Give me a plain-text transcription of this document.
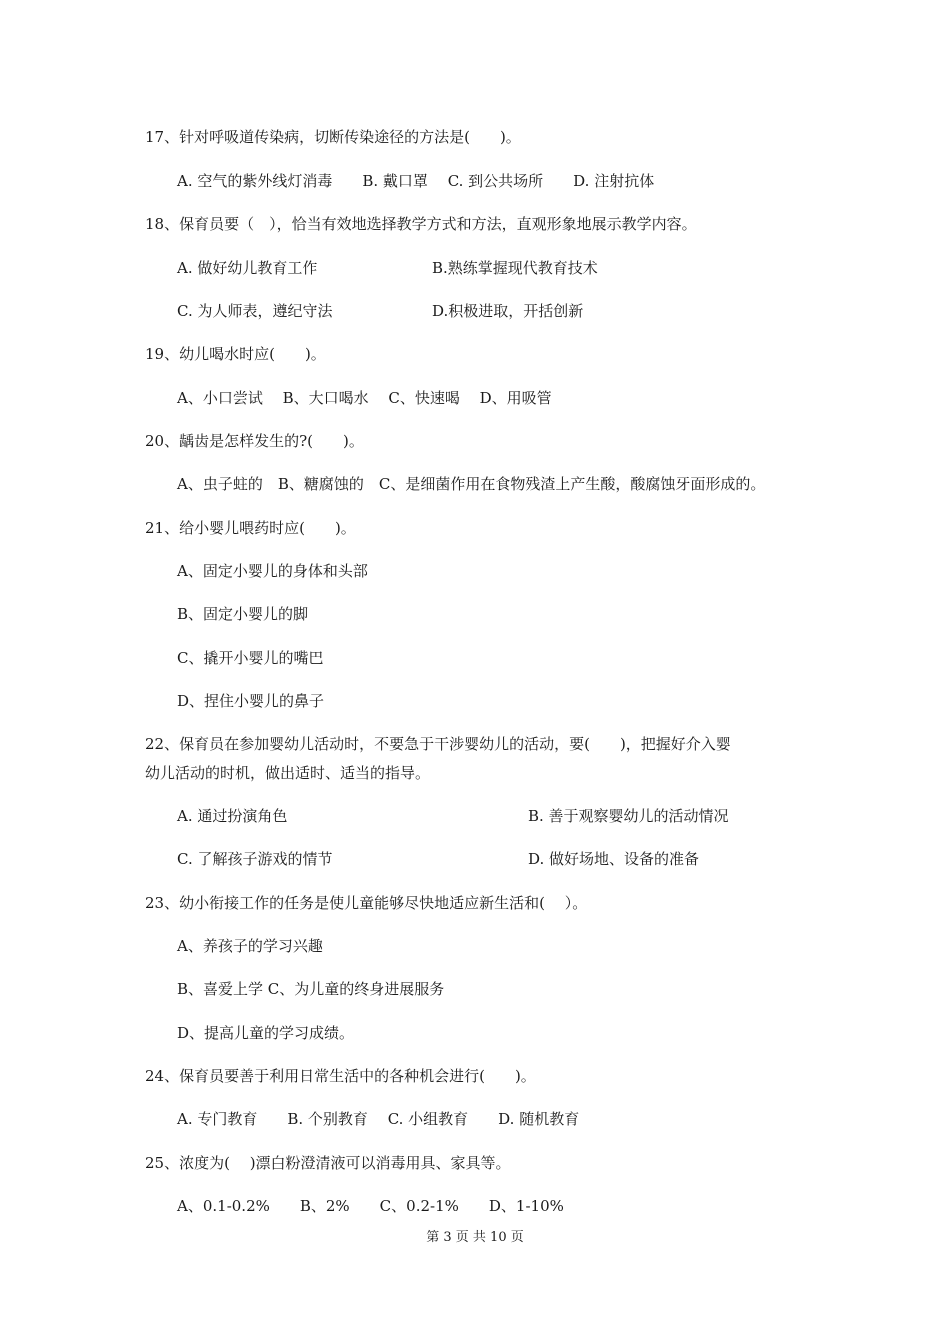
17、针对呼吸道传染病，切断传染途径的方法是(　　)。
A. 空气的紫外线灯消毒　　B. 戴口罩　 C. 到公共场所　　D. 注射抗体
18、保育员要（　），恰当有效地选择教学方式和方法，直观形象地展示教学内容。
A. 做好幼儿教育工作	B.熟练掌握现代教育技术
C. 为人师表，遵纪守法	D.积极进取，开括创新
19、幼儿喝水时应(　　)。
A、小口尝试　 B、大口喝水　 C、快速喝　 D、用吸管
20、龋齿是怎样发生的?(　　)。
A、虫子蛀的　B、糖腐蚀的　C、是细菌作用在食物残渣上产生酸，酸腐蚀牙面形成的。
21、给小婴儿喂药时应(　　)。
A、固定小婴儿的身体和头部
B、固定小婴儿的脚
C、撬开小婴儿的嘴巴
D、捏住小婴儿的鼻子
22、保育员在参加婴幼儿活动时，不要急于干涉婴幼儿的活动，要(　　)，把握好介入婴
幼儿活动的时机，做出适时、适当的指导。
A. 通过扮演角色	B. 善于观察婴幼儿的活动情况
C. 了解孩子游戏的情节	D. 做好场地、设备的准备
23、幼小衔接工作的任务是使儿童能够尽快地适应新生活和(　 ）。
A、养孩子的学习兴趣
B、喜爱上学 C、为儿童的终身进展服务
D、提高儿童的学习成绩。
24、保育员要善于利用日常生活中的各种机会进行(　　)。
A. 专门教育　　B. 个别教育　 C. 小组教育　　D. 随机教育
25、浓度为(　 )漂白粉澄清液可以消毒用具、家具等。
A、0.1-0.2%　　B、2%　　C、0.2-1%　　D、1-10%
第 3 页 共 10 页
